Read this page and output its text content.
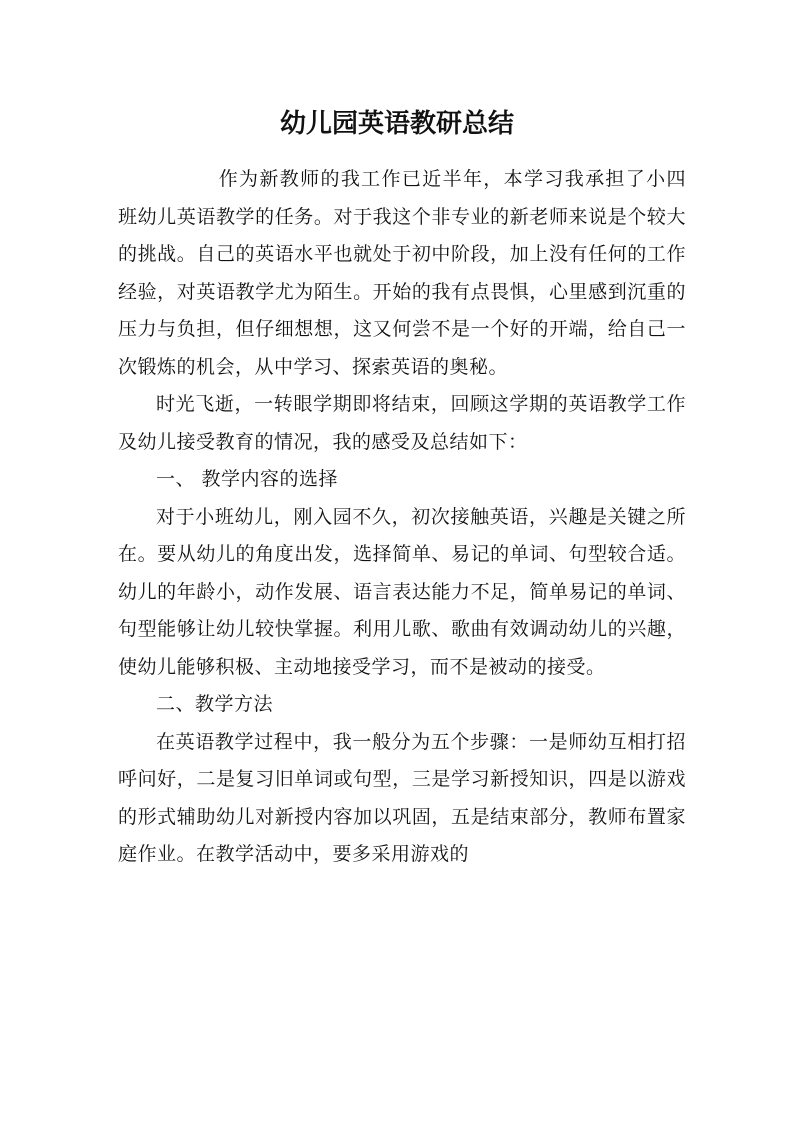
幼儿园英语教研总结

作为新教师的我工作已近半年，本学习我承担了小四班幼儿英语教学的任务。对于我这个非专业的新老师来说是个较大的挑战。自己的英语水平也就处于初中阶段，加上没有任何的工作经验，对英语教学尤为陌生。开始的我有点畏惧，心里感到沉重的压力与负担，但仔细想想，这又何尝不是一个好的开端，给自己一次锻炼的机会，从中学习、探索英语的奥秘。

时光飞逝，一转眼学期即将结束，回顾这学期的英语教学工作及幼儿接受教育的情况，我的感受及总结如下：

一、 教学内容的选择

对于小班幼儿，刚入园不久，初次接触英语，兴趣是关键之所在。要从幼儿的角度出发，选择简单、易记的单词、句型较合适。幼儿的年龄小，动作发展、语言表达能力不足，简单易记的单词、句型能够让幼儿较快掌握。利用儿歌、歌曲有效调动幼儿的兴趣，使幼儿能够积极、主动地接受学习，而不是被动的接受。

二、教学方法

在英语教学过程中，我一般分为五个步骤：一是师幼互相打招呼问好，二是复习旧单词或句型，三是学习新授知识，四是以游戏的形式辅助幼儿对新授内容加以巩固，五是结束部分，教师布置家庭作业。在教学活动中，要多采用游戏的
